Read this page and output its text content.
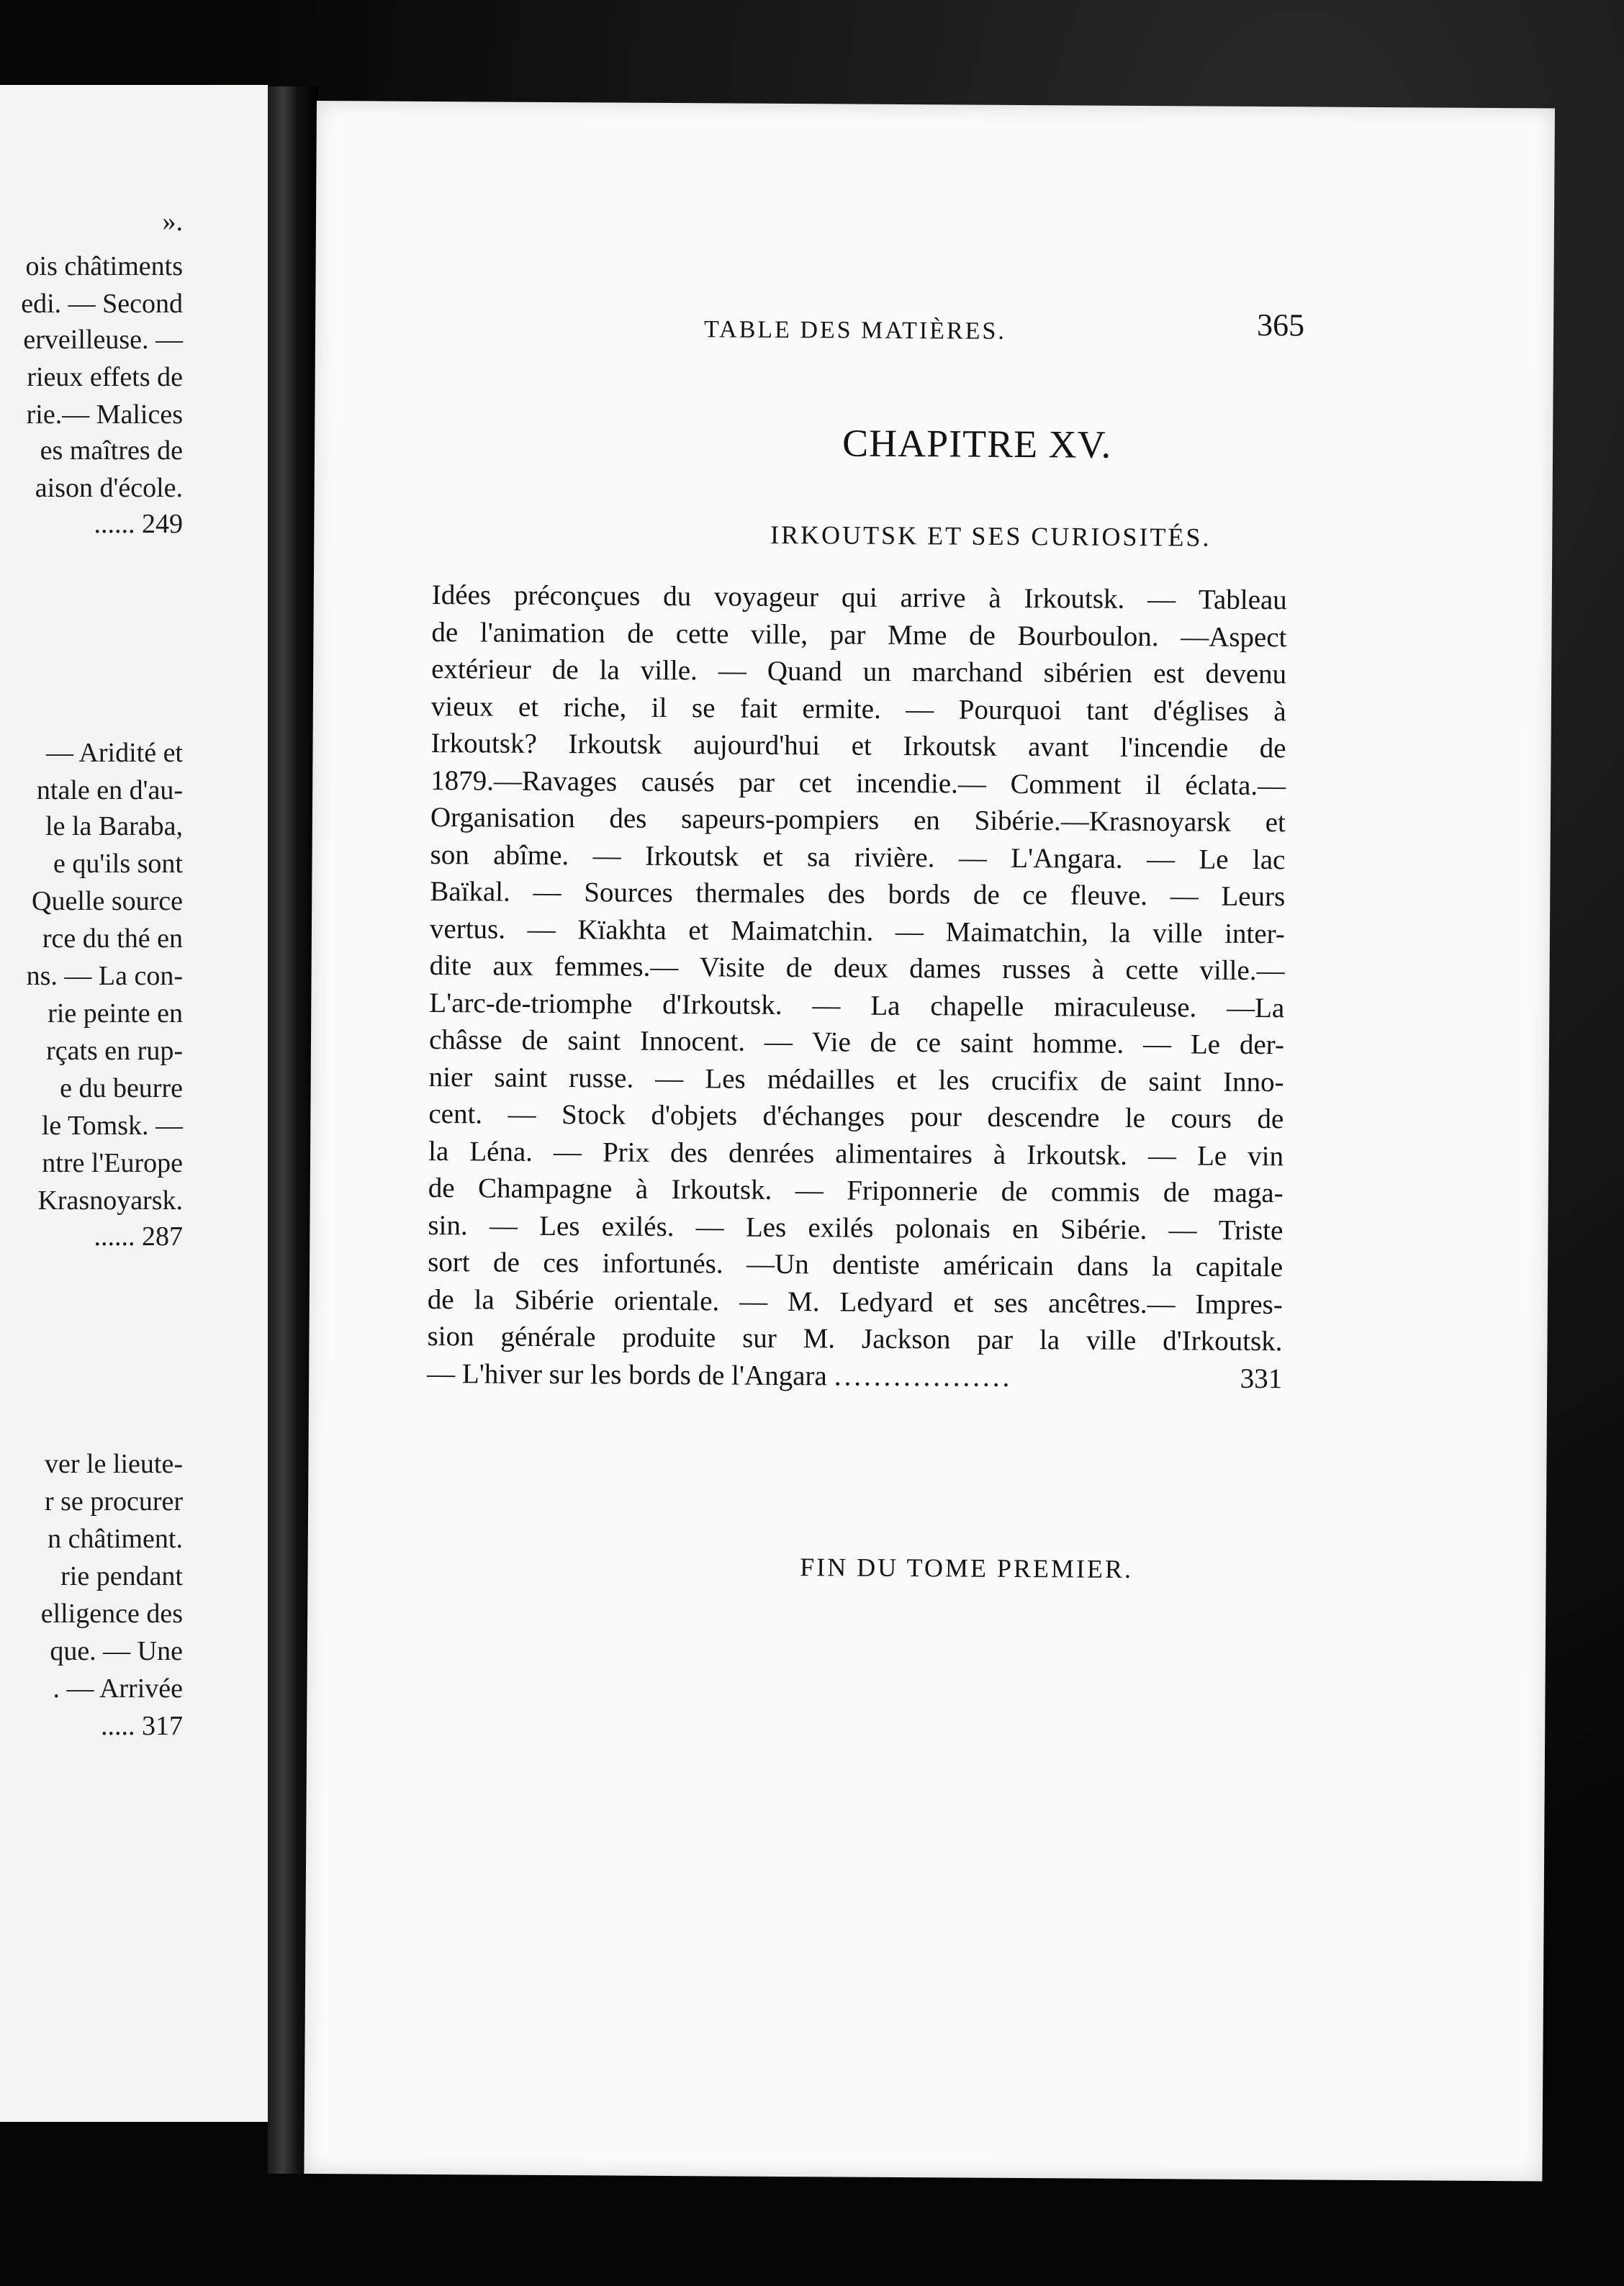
».
ois châtiments
edi. — Second
erveilleuse. —
rieux effets de
rie.— Malices
es maîtres de
aison d'école.
...... 249
— Aridité et
ntale en d'au-
le la Baraba,
e qu'ils sont
Quelle source
rce du thé en
ns. — La con-
rie peinte en
rçats en rup-
e du beurre
le Tomsk. —
ntre l'Europe
Krasnoyarsk.
...... 287
ver le lieute-
r se procurer
n châtiment.
rie pendant
elligence des
que. — Une
. — Arrivée
..... 317
TABLE DES MATIÈRES.	365
CHAPITRE XV.
IRKOUTSK ET SES CURIOSITÉS.
Idées préconçues du voyageur qui arrive à Irkoutsk. — Tableau
de l'animation de cette ville, par Mme de Bourboulon. —Aspect
extérieur de la ville. — Quand un marchand sibérien est devenu
vieux et riche, il se fait ermite. — Pourquoi tant d'églises à
Irkoutsk? Irkoutsk aujourd'hui et Irkoutsk avant l'incendie de
1879.—Ravages causés par cet incendie.— Comment il éclata.—
Organisation des sapeurs-pompiers en Sibérie.—Krasnoyarsk et
son abîme. — Irkoutsk et sa rivière. — L'Angara. — Le lac
Baïkal. — Sources thermales des bords de ce fleuve. — Leurs
vertus. — Kïakhta et Maimatchin. — Maimatchin, la ville inter-
dite aux femmes.— Visite de deux dames russes à cette ville.—
L'arc-de-triomphe d'Irkoutsk. — La chapelle miraculeuse. —La
châsse de saint Innocent. — Vie de ce saint homme. — Le der-
nier saint russe. — Les médailles et les crucifix de saint Inno-
cent. — Stock d'objets d'échanges pour descendre le cours de
la Léna. — Prix des denrées alimentaires à Irkoutsk. — Le vin
de Champagne à Irkoutsk. — Friponnerie de commis de maga-
sin. — Les exilés. — Les exilés polonais en Sibérie. — Triste
sort de ces infortunés. —Un dentiste américain dans la capitale
de la Sibérie orientale. — M. Ledyard et ses ancêtres.— Impres-
sion générale produite sur M. Jackson par la ville d'Irkoutsk.
— L'hiver sur les bords de l'Angara ..................	331
FIN DU TOME PREMIER.
